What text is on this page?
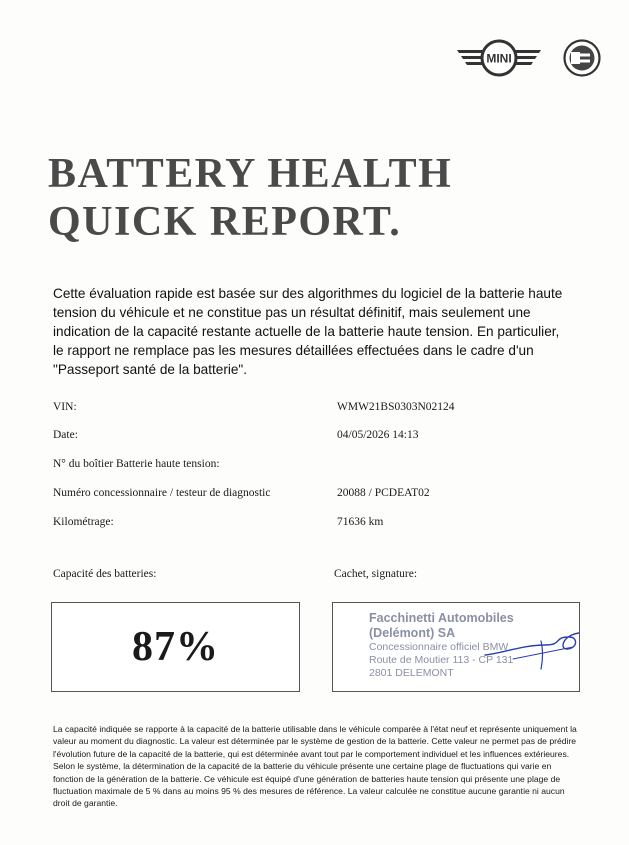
MINI
BATTERY HEALTH
QUICK REPORT.
Cette évaluation rapide est basée sur des algorithmes du logiciel de la batterie haute tension du véhicule et ne constitue pas un résultat définitif, mais seulement une indication de la capacité restante actuelle de la batterie haute tension. En particulier, le rapport ne remplace pas les mesures détaillées effectuées dans le cadre d'un "Passeport santé de la batterie".
VIN:	WMW21BS0303N02124
Date:	04/05/2026 14:13
N° du boîtier Batterie haute tension:
Numéro concessionnaire / testeur de diagnostic	20088 / PCDEAT02
Kilométrage:	71636 km
Capacité des batteries:
87%
Cachet, signature:
Facchinetti Automobiles
(Delémont) SA
Concessionnaire officiel BMW
Route de Moutier 113 - CP 131
2801 DELEMONT
La capacité indiquée se rapporte à la capacité de la batterie utilisable dans le véhicule comparée à l'état neuf et représente uniquement la valeur au moment du diagnostic. La valeur est déterminée par le système de gestion de la batterie. Cette valeur ne permet pas de prédire l'évolution future de la capacité de la batterie, qui est déterminée avant tout par le comportement individuel et les influences extérieures. Selon le système, la détermination de la capacité de la batterie du véhicule présente une certaine plage de fluctuations qui varie en fonction de la génération de la batterie. Ce véhicule est équipé d'une génération de batteries haute tension qui présente une plage de fluctuation maximale de 5 % dans au moins 95 % des mesures de référence. La valeur calculée ne constitue aucune garantie ni aucun droit de garantie.
